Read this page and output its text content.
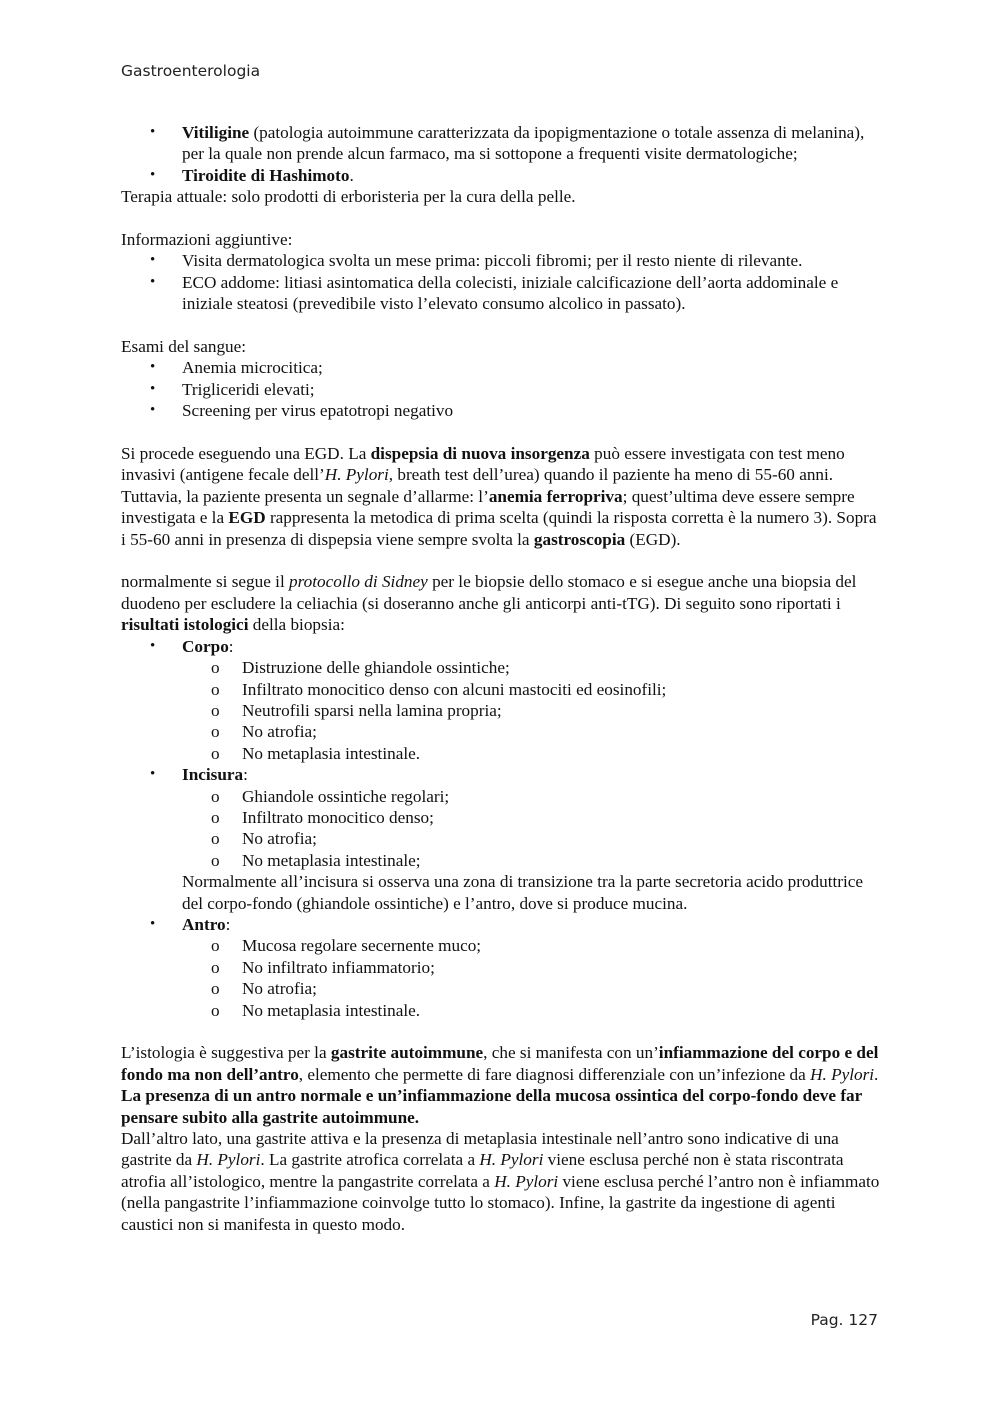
Gastroenterologia
• Vitiligine (patologia autoimmune caratterizzata da ipopigmentazione o totale assenza di melanina), per la quale non prende alcun farmaco, ma si sottopone a frequenti visite dermatologiche;
• Tiroidite di Hashimoto.

Terapia attuale: solo prodotti di erboristeria per la cura della pelle.

Informazioni aggiuntive:

• Visita dermatologica svolta un mese prima: piccoli fibromi; per il resto niente di rilevante.
• ECO addome: litiasi asintomatica della colecisti, iniziale calcificazione dell’aorta addominale e iniziale steatosi (prevedibile visto l’elevato consumo alcolico in passato).

Esami del sangue:

• Anemia microcitica;
• Trigliceridi elevati;
• Screening per virus epatotropi negativo

Si procede eseguendo una EGD. La dispepsia di nuova insorgenza può essere investigata con test meno invasivi (antigene fecale dell’H. Pylori, breath test dell’urea) quando il paziente ha meno di 55-60 anni. Tuttavia, la paziente presenta un segnale d’allarme: l’anemia ferropriva; quest’ultima deve essere sempre investigata e la EGD rappresenta la metodica di prima scelta (quindi la risposta corretta è la numero 3). Sopra i 55-60 anni in presenza di dispepsia viene sempre svolta la gastroscopia (EGD).

normalmente si segue il protocollo di Sidney per le biopsie dello stomaco e si esegue anche una biopsia del duodeno per escludere la celiachia (si doseranno anche gli anticorpi anti-tTG). Di seguito sono riportati i risultati istologici della biopsia:

• Corpo:
o Distruzione delle ghiandole ossintiche;
o Infiltrato monocitico denso con alcuni mastociti ed eosinofili;
o Neutrofili sparsi nella lamina propria;
o No atrofia;
o No metaplasia intestinale.
• Incisura:
o Ghiandole ossintiche regolari;
o Infiltrato monocitico denso;
o No atrofia;
o No metaplasia intestinale;
Normalmente all’incisura si osserva una zona di transizione tra la parte secretoria acido produttrice del corpo-fondo (ghiandole ossintiche) e l’antro, dove si produce mucina.
• Antro:
o Mucosa regolare secernente muco;
o No infiltrato infiammatorio;
o No atrofia;
o No metaplasia intestinale.

L’istologia è suggestiva per la gastrite autoimmune, che si manifesta con un’infiammazione del corpo e del fondo ma non dell’antro, elemento che permette di fare diagnosi differenziale con un’infezione da H. Pylori. La presenza di un antro normale e un’infiammazione della mucosa ossintica del corpo-fondo deve far pensare subito alla gastrite autoimmune.

Dall’altro lato, una gastrite attiva e la presenza di metaplasia intestinale nell’antro sono indicative di una gastrite da H. Pylori. La gastrite atrofica correlata a H. Pylori viene esclusa perché non è stata riscontrata atrofia all’istologico, mentre la pangastrite correlata a H. Pylori viene esclusa perché l’antro non è infiammato (nella pangastrite l’infiammazione coinvolge tutto lo stomaco). Infine, la gastrite da ingestione di agenti caustici non si manifesta in questo modo.

Pag. 127
